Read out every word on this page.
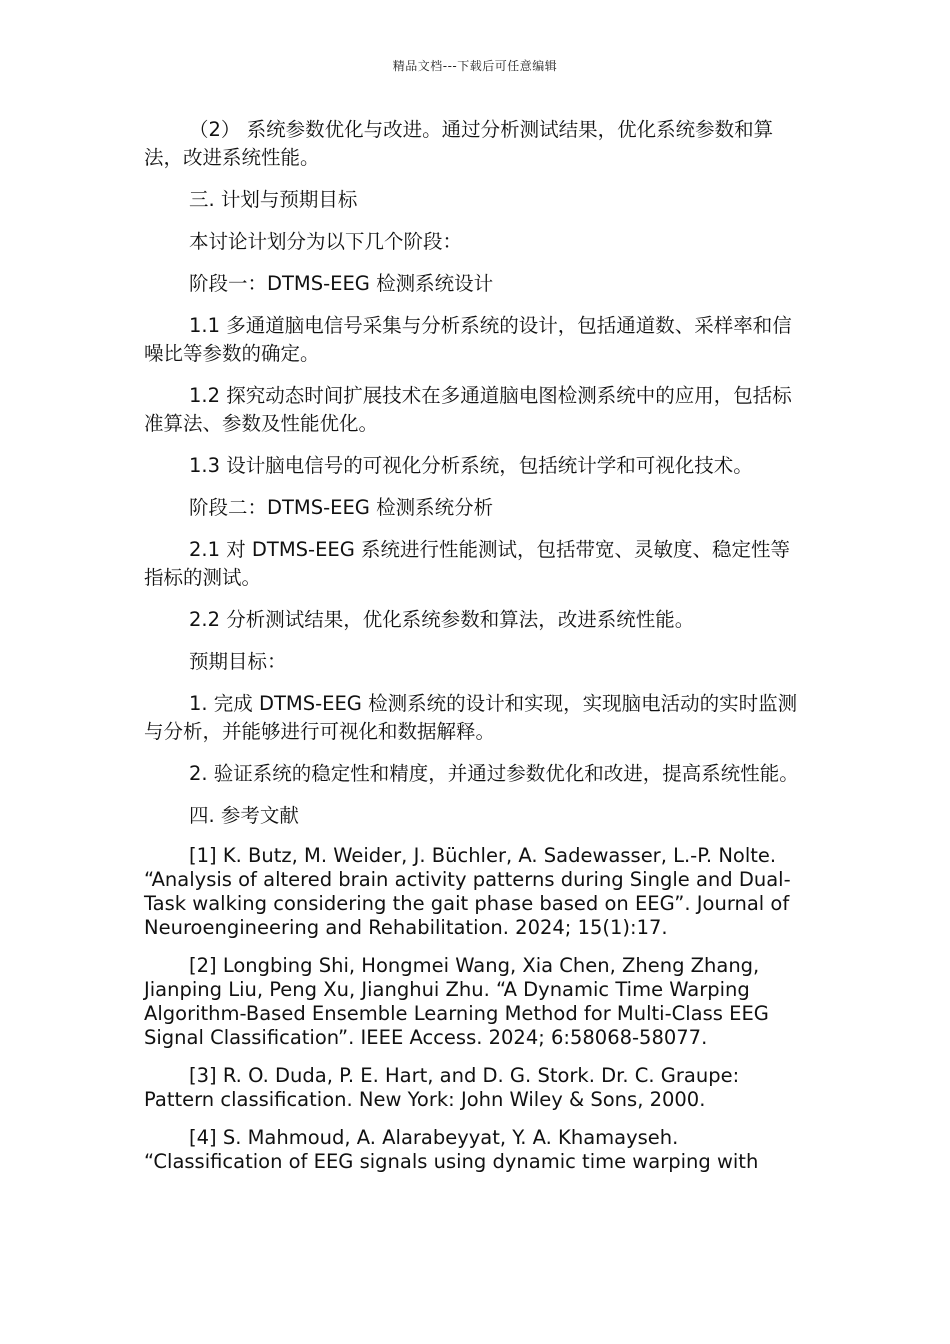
精品文档---下载后可任意编辑

（2） 系统参数优化与改进。通过分析测试结果，优化系统参数和算法，改进系统性能。

三. 计划与预期目标

本讨论计划分为以下几个阶段：

阶段一：DTMS-EEG 检测系统设计

1.1 多通道脑电信号采集与分析系统的设计，包括通道数、采样率和信噪比等参数的确定。

1.2 探究动态时间扩展技术在多通道脑电图检测系统中的应用，包括标准算法、参数及性能优化。

1.3 设计脑电信号的可视化分析系统，包括统计学和可视化技术。

阶段二：DTMS-EEG 检测系统分析

2.1 对 DTMS-EEG 系统进行性能测试，包括带宽、灵敏度、稳定性等指标的测试。

2.2 分析测试结果，优化系统参数和算法，改进系统性能。

预期目标：

1. 完成 DTMS-EEG 检测系统的设计和实现，实现脑电活动的实时监测与分析，并能够进行可视化和数据解释。

2. 验证系统的稳定性和精度，并通过参数优化和改进，提高系统性能。

四. 参考文献

[1] K. Butz, M. Weider, J. Büchler, A. Sadewasser, L.-P. Nolte. “Analysis of altered brain activity patterns during Single and Dual-Task walking considering the gait phase based on EEG”. Journal of Neuroengineering and Rehabilitation. 2024; 15(1):17.

[2] Longbing Shi, Hongmei Wang, Xia Chen, Zheng Zhang, Jianping Liu, Peng Xu, Jianghui Zhu. “A Dynamic Time Warping Algorithm-Based Ensemble Learning Method for Multi-Class EEG Signal Classification”. IEEE Access. 2024; 6:58068-58077.

[3] R. O. Duda, P. E. Hart, and D. G. Stork. Dr. C. Graupe: Pattern classification. New York: John Wiley & Sons, 2000.

[4] S. Mahmoud, A. Alarabeyyat, Y. A. Khamayseh. “Classification of EEG signals using dynamic time warping with
